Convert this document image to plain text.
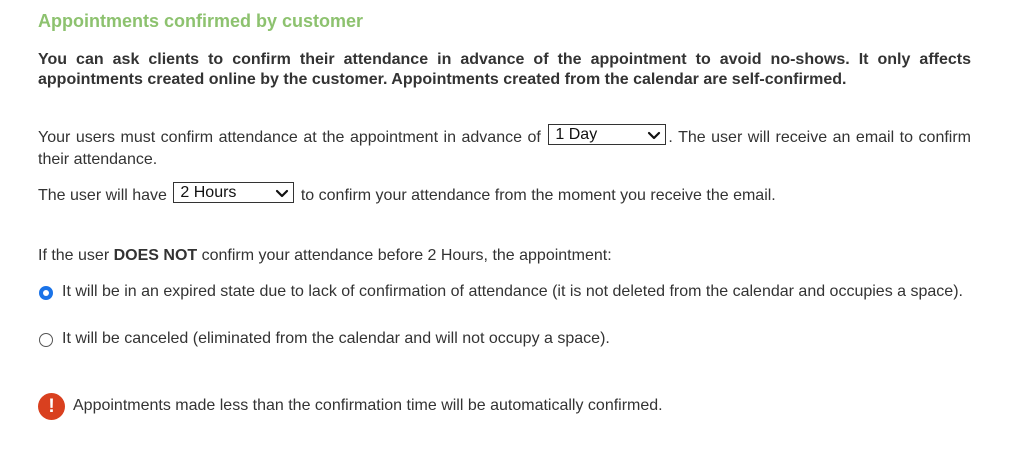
Appointments confirmed by customer
You can ask clients to confirm their attendance in advance of the appointment to avoid no-shows. It only affects appointments created online by the customer. Appointments created from the calendar are self-confirmed.
Your users must confirm attendance at the appointment in advance of 1 Day	. The user will receive an email to confirm their attendance.
The user will have 2 Hours	to confirm your attendance from the moment you receive the email.
If the user DOES NOT confirm your attendance before 2 Hours, the appointment:
It will be in an expired state due to lack of confirmation of attendance (it is not deleted from the calendar and occupies a space).
It will be canceled (eliminated from the calendar and will not occupy a space).
!	Appointments made less than the confirmation time will be automatically confirmed.
